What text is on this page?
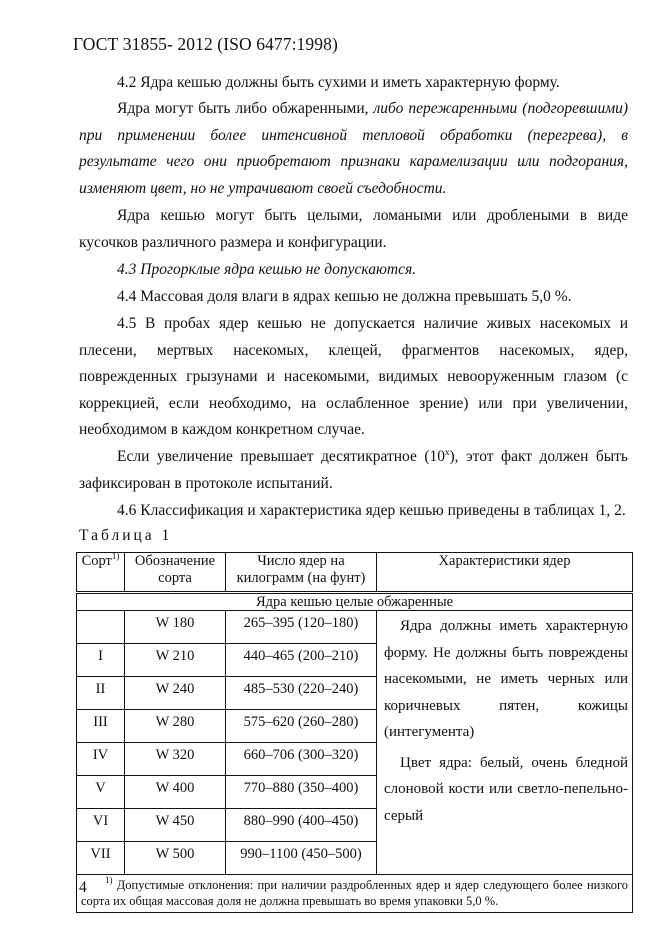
ГОСТ 31855- 2012 (ISO 6477:1998)
4.2 Ядра кешью должны быть сухими и иметь характерную форму.
Ядра могут быть либо обжаренными, либо пережаренными (подгоревшими) при применении более интенсивной тепловой обработки (перегрева), в результате чего они приобретают признаки карамелизации или подгорания, изменяют цвет, но не утрачивают своей съедобности.
Ядра кешью могут быть целыми, ломаными или дроблеными в виде кусочков различного размера и конфигурации.
4.3 Прогорклые ядра кешью не допускаются.
4.4 Массовая доля влаги в ядрах кешью не должна превышать 5,0 %.
4.5 В пробах ядер кешью не допускается наличие живых насекомых и плесени, мертвых насекомых, клещей, фрагментов насекомых, ядер, поврежденных грызунами и насекомыми, видимых невооруженным глазом (с коррекцией, если необходимо, на ослабленное зрение) или при увеличении, необходимом в каждом конкретном случае.
Если увеличение превышает десятикратное (10$^x$), этот факт должен быть зафиксирован в протоколе испытаний.
4.6 Классификация и характеристика ядер кешью приведены в таблицах 1, 2.
Таблица 1
Сорт$^{1)}$	Обозначение сорта	Число ядер на килограмм (на фунт)	Характеристики ядер
Ядра кешью целые обжаренные			
	W 180	265–395 (120–180)	Ядра должны иметь характерную форму. Не должны быть повреждены насекомыми, не иметь черных или коричневых пятен, кожицы (интегумента)

Цвет ядра: белый, очень бледной слоновой кости или светло-пепельно-серый

I	W 210	440–465 (200–210)	
II	W 240	485–530 (220–240)	
III	W 280	575–620 (260–280)	
IV	W 320	660–706 (300–320)	
V	W 400	770–880 (350–400)	
VI	W 450	880–990 (400–450)	
VII	W 500	990–1100 (450–500)	
$^{1)}$ Допустимые отклонения: при наличии раздробленных ядер и ядер следующего более низкого сорта их общая массовая доля не должна превышать во время упаковки 5,0 %.			
4
